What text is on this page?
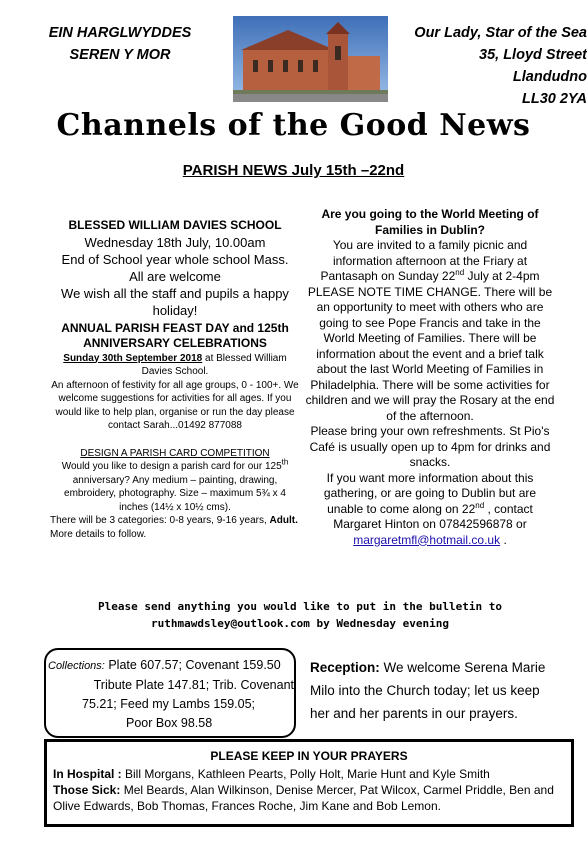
EIN HARGLWYDDES
SEREN Y MOR
Our Lady, Star of the Sea
35, Lloyd Street
Llandudno
LL30 2YA
Channels of the Good News
PARISH NEWS July 15th –22nd
BLESSED WILLIAM DAVIES SCHOOL
Wednesday 18th July, 10.00am
End of School year whole school Mass.
All are welcome
We wish all the staff and pupils a happy holiday!
ANNUAL PARISH FEAST DAY and 125th ANNIVERSARY CELEBRATIONS
Sunday 30th September 2018 at Blessed William Davies School.
An afternoon of festivity for all age groups, 0 - 100+. We welcome suggestions for activities for all ages. If you would like to help plan, organise or run the day please contact Sarah...01492 877088
DESIGN A PARISH CARD COMPETITION
Would you like to design a parish card for our 125th anniversary? Any medium – painting, drawing, embroidery, photography. Size – maximum 5¾ x 4 inches (14½ x 10½ cms).
There will be 3 categories: 0-8 years, 9-16 years, Adult. More details to follow.
Are you going to the World Meeting of Families in Dublin?
You are invited to a family picnic and information afternoon at the Friary at Pantasaph on Sunday 22nd July at 2-4pm PLEASE NOTE TIME CHANGE. There will be an opportunity to meet with others who are going to see Pope Francis and take in the World Meeting of Families. There will be information about the event and a brief talk about the last World Meeting of Families in Philadelphia. There will be some activities for children and we will pray the Rosary at the end of the afternoon.
Please bring your own refreshments. St Pio's Café is usually open up to 4pm for drinks and snacks.
If you want more information about this gathering, or are going to Dublin but are unable to come along on 22nd , contact Margaret Hinton on 07842596878 or
margaretmfl@hotmail.co.uk .
Please send anything you would like to put in the bulletin to
ruthmawdsley@outlook.com by Wednesday evening
Collections: Plate 607.57; Covenant 159.50
Tribute Plate 147.81; Trib. Covenant
75.21; Feed my Lambs 159.05;
Poor Box 98.58
Reception: We welcome Serena Marie Milo into the Church today; let us keep her and her parents in our prayers.
PLEASE KEEP IN YOUR PRAYERS
In Hospital : Bill Morgans, Kathleen Pearts, Polly Holt, Marie Hunt and Kyle Smith
Those Sick: Mel Beards, Alan Wilkinson, Denise Mercer, Pat Wilcox, Carmel Priddle, Ben and Olive Edwards, Bob Thomas, Frances Roche, Jim Kane and Bob Lemon.
